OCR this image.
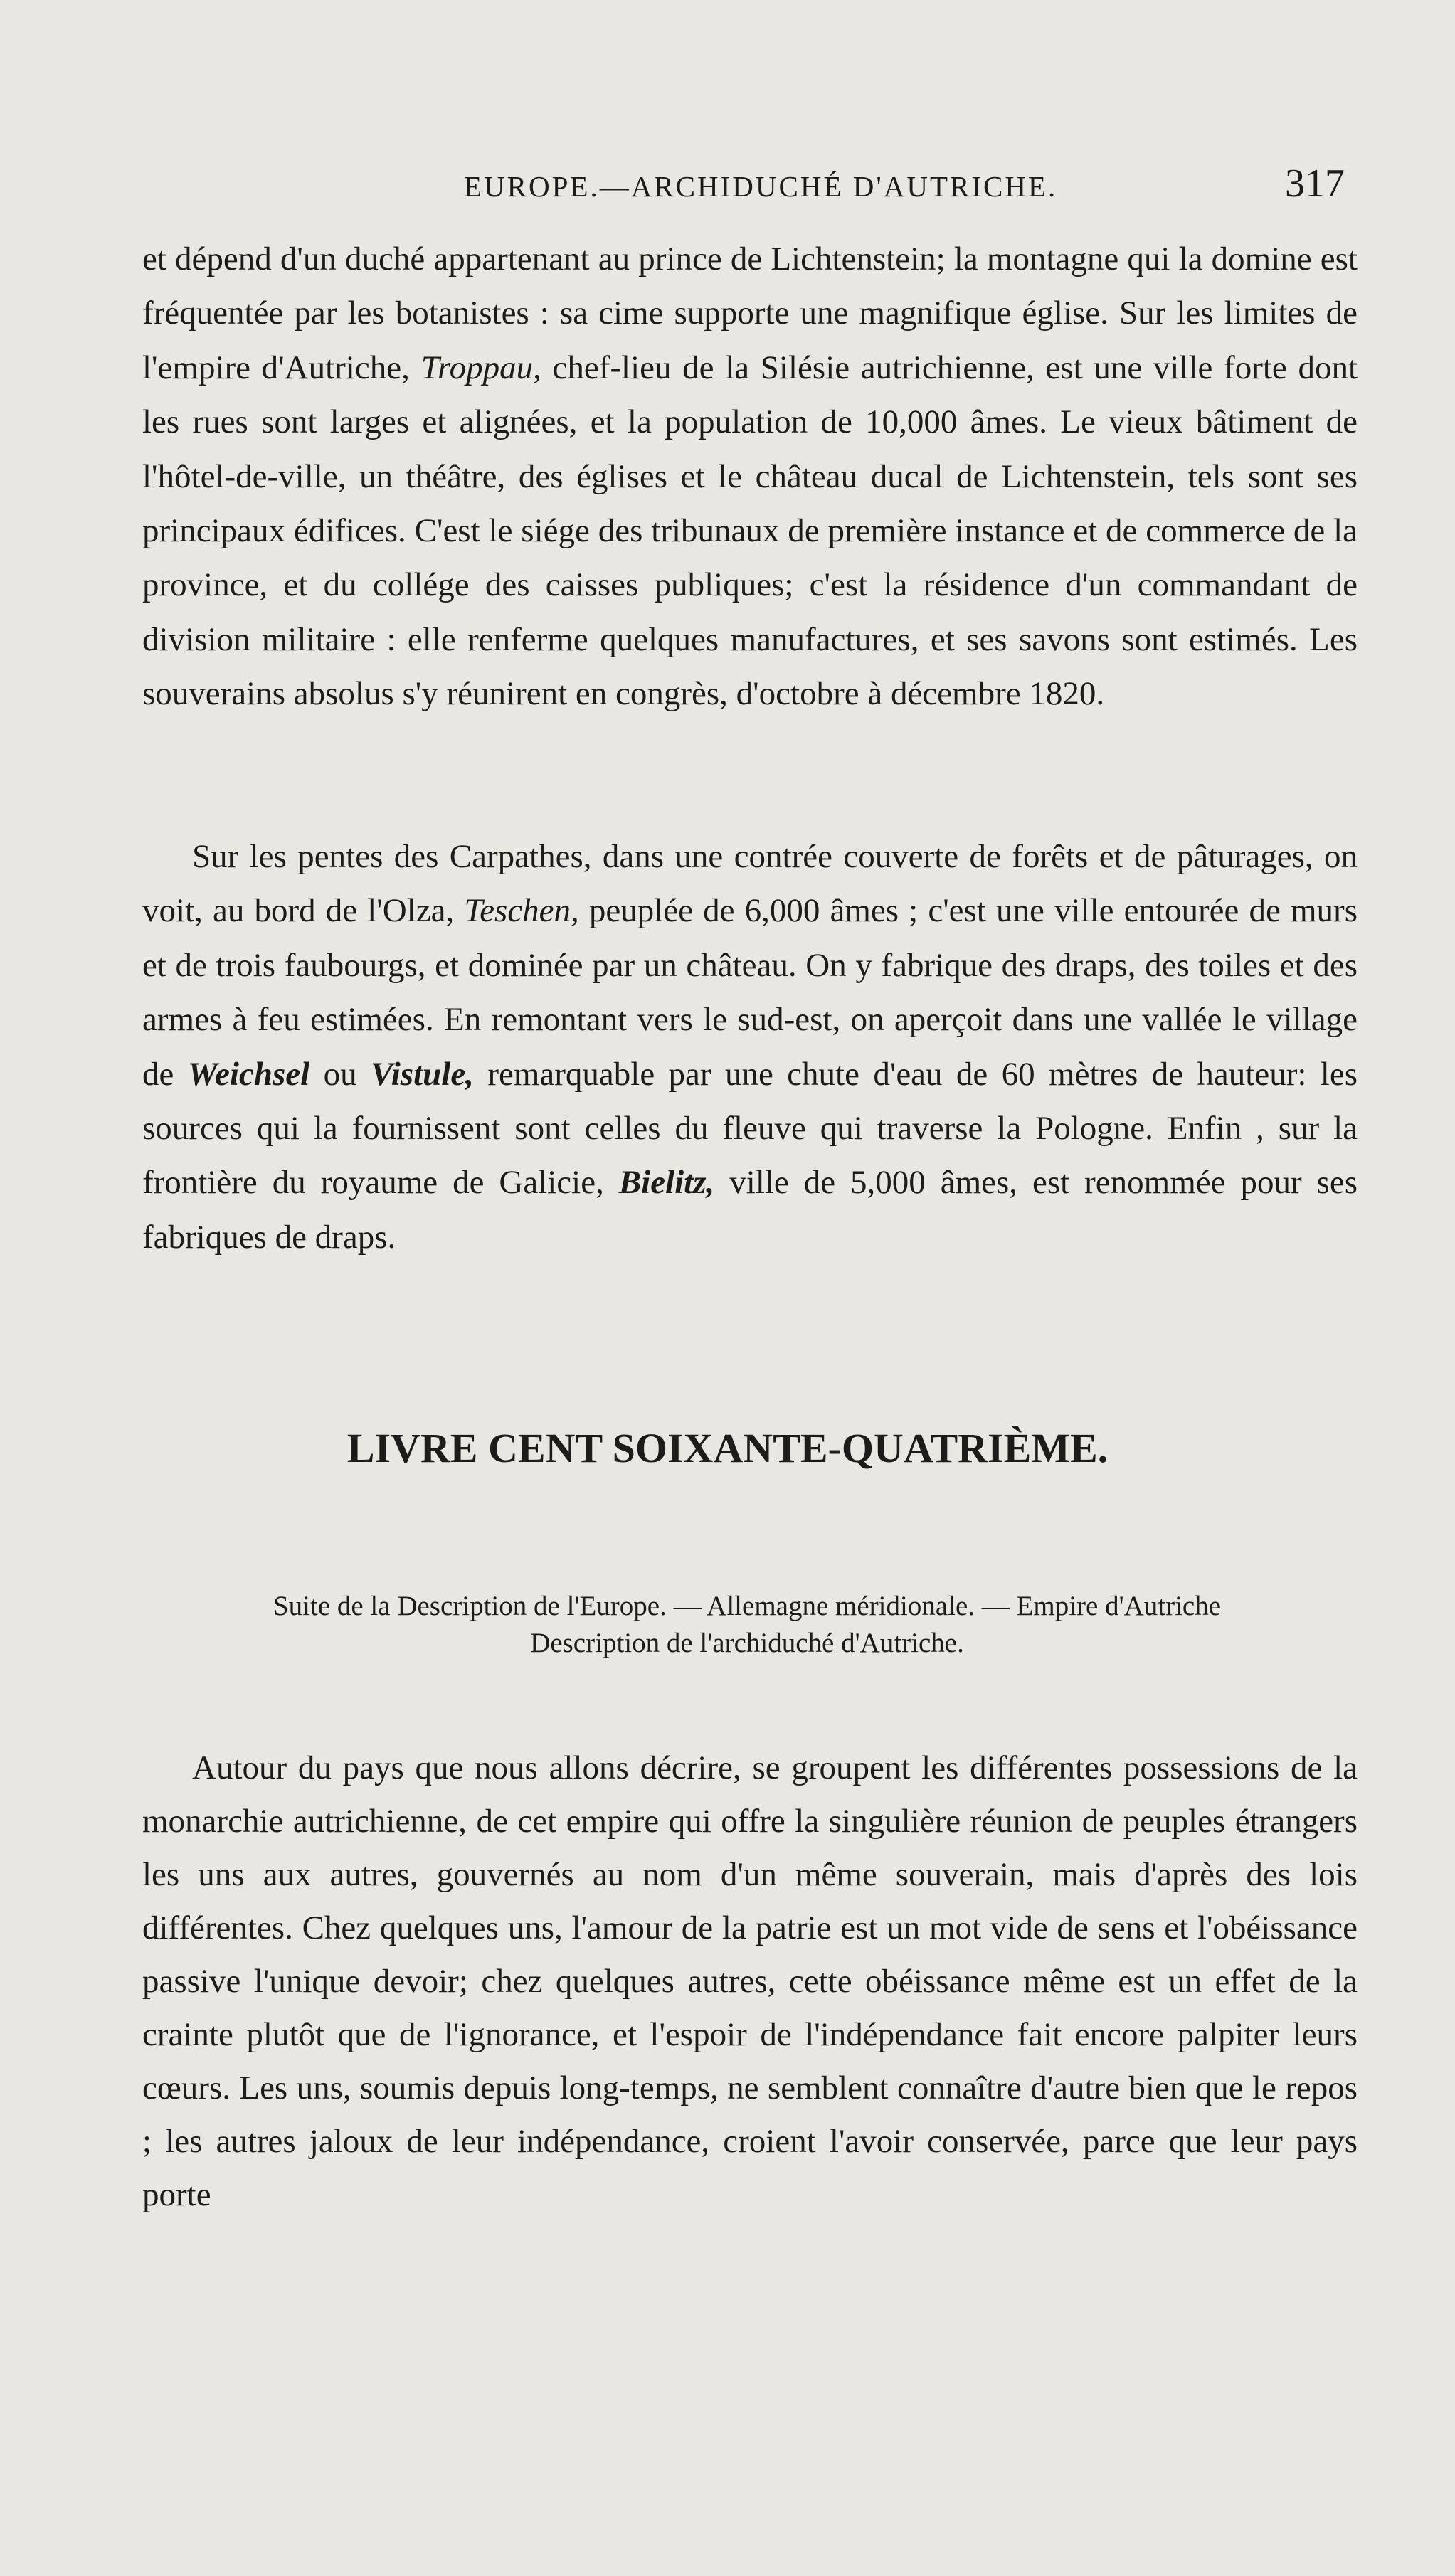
EUROPE.—ARCHIDUCHÉ D'AUTRICHE.	317

et dépend d'un duché appartenant au prince de Lichtenstein; la montagne qui la domine est fréquentée par les botanistes : sa cime supporte une magnifique église. Sur les limites de l'empire d'Autriche, Troppau, chef-lieu de la Silésie autrichienne, est une ville forte dont les rues sont larges et alignées, et la population de 10,000 âmes. Le vieux bâtiment de l'hôtel-de-ville, un théâtre, des églises et le château ducal de Lichtenstein, tels sont ses principaux édifices. C'est le siége des tribunaux de première instance et de commerce de la province, et du collége des caisses publiques; c'est la résidence d'un commandant de division militaire : elle renferme quelques manufactures, et ses savons sont estimés. Les souverains absolus s'y réunirent en congrès, d'octobre à décembre 1820.

Sur les pentes des Carpathes, dans une contrée couverte de forêts et de pâturages, on voit, au bord de l'Olza, Teschen, peuplée de 6,000 âmes ; c'est une ville entourée de murs et de trois faubourgs, et dominée par un château. On y fabrique des draps, des toiles et des armes à feu estimées. En remontant vers le sud-est, on aperçoit dans une vallée le village de Weichsel ou Vistule, remarquable par une chute d'eau de 60 mètres de hauteur: les sources qui la fournissent sont celles du fleuve qui traverse la Pologne. Enfin , sur la frontière du royaume de Galicie, Bielitz, ville de 5,000 âmes, est renommée pour ses fabriques de draps.

LIVRE CENT SOIXANTE-QUATRIÈME.
Suite de la Description de l'Europe. — Allemagne méridionale. — Empire d'Autriche
Description de l'archiduché d'Autriche.

Autour du pays que nous allons décrire, se groupent les différentes possessions de la monarchie autrichienne, de cet empire qui offre la singulière réunion de peuples étrangers les uns aux autres, gouvernés au nom d'un même souverain, mais d'après des lois différentes. Chez quelques uns, l'amour de la patrie est un mot vide de sens et l'obéissance passive l'unique devoir; chez quelques autres, cette obéissance même est un effet de la crainte plutôt que de l'ignorance, et l'espoir de l'indépendance fait encore palpiter leurs cœurs. Les uns, soumis depuis long-temps, ne semblent connaître d'autre bien que le repos ; les autres jaloux de leur indépendance, croient l'avoir conservée, parce que leur pays porte
